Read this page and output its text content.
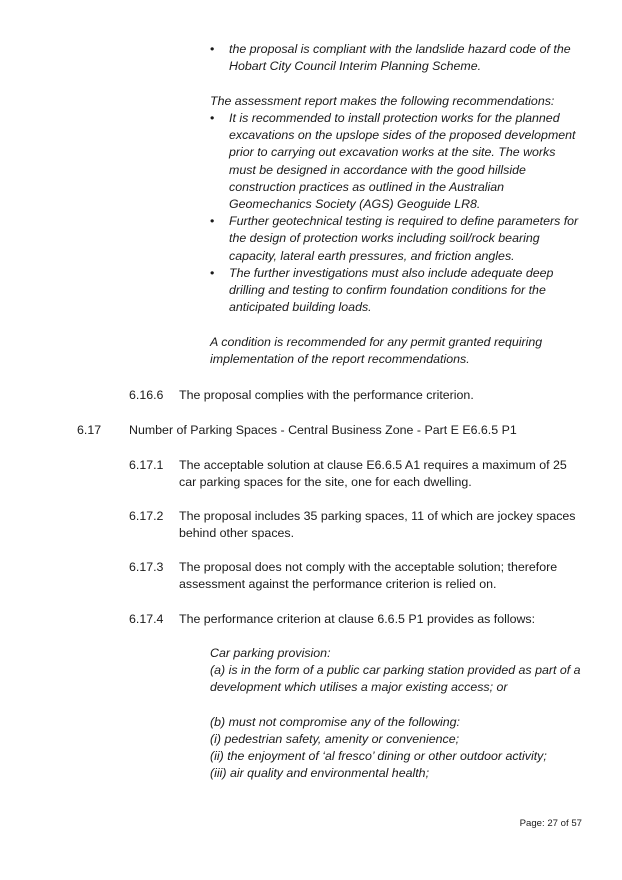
• the proposal is compliant with the landslide hazard code of the Hobart City Council Interim Planning Scheme.
The assessment report makes the following recommendations:
• It is recommended to install protection works for the planned excavations on the upslope sides of the proposed development prior to carrying out excavation works at the site. The works must be designed in accordance with the good hillside construction practices as outlined in the Australian Geomechanics Society (AGS) Geoguide LR8.
• Further geotechnical testing is required to define parameters for the design of protection works including soil/rock bearing capacity, lateral earth pressures, and friction angles.
• The further investigations must also include adequate deep drilling and testing to confirm foundation conditions for the anticipated building loads.
A condition is recommended for any permit granted requiring implementation of the report recommendations.
6.16.6 The proposal complies with the performance criterion.
6.17 Number of Parking Spaces - Central Business Zone - Part E E6.6.5 P1
6.17.1 The acceptable solution at clause E6.6.5 A1 requires a maximum of 25 car parking spaces for the site, one for each dwelling.
6.17.2 The proposal includes 35 parking spaces, 11 of which are jockey spaces behind other spaces.
6.17.3 The proposal does not comply with the acceptable solution; therefore assessment against the performance criterion is relied on.
6.17.4 The performance criterion at clause 6.6.5 P1 provides as follows:
Car parking provision:
(a) is in the form of a public car parking station provided as part of a development which utilises a major existing access; or
(b) must not compromise any of the following:
(i) pedestrian safety, amenity or convenience;
(ii) the enjoyment of ‘al fresco’ dining or other outdoor activity;
(iii) air quality and environmental health;
Page: 27 of 57
